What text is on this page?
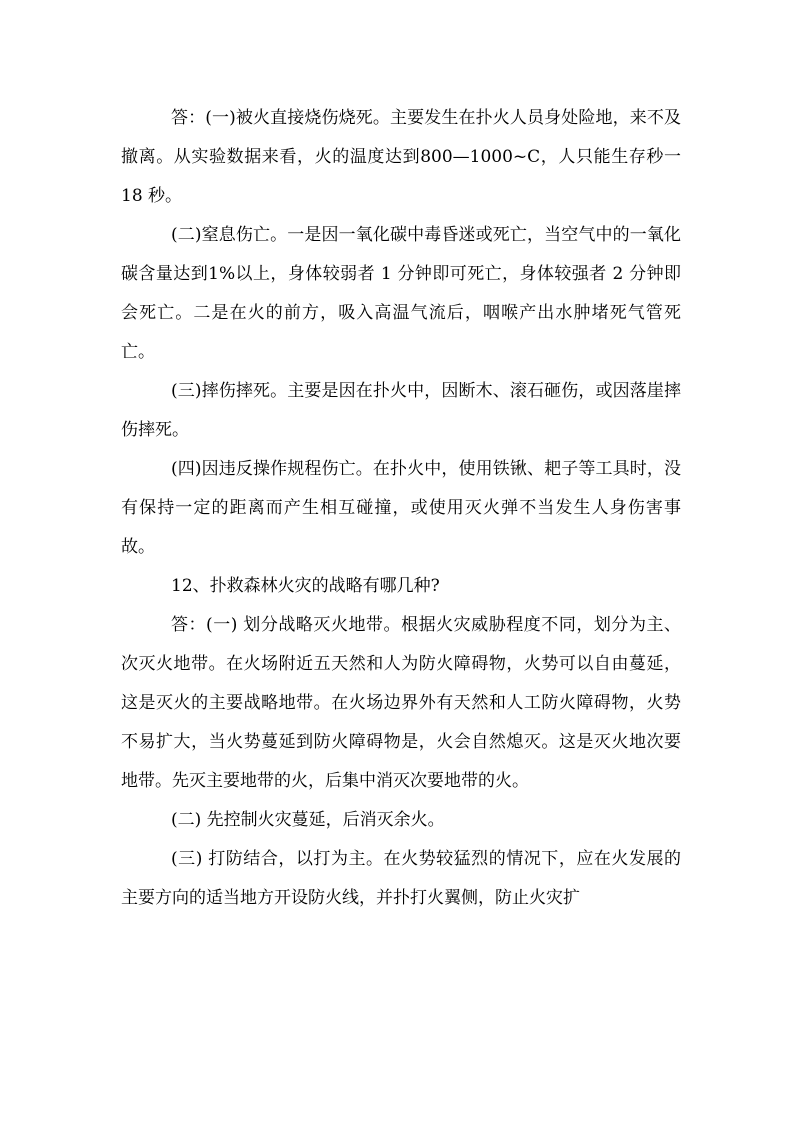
答：(一)被火直接烧伤烧死。主要发生在扑火人员身处险地，来不及撤离。从实验数据来看，火的温度达到800—1000~C，人只能生存秒一18 秒。

(二)窒息伤亡。一是因一氧化碳中毒昏迷或死亡，当空气中的一氧化碳含量达到1%以上，身体较弱者 1 分钟即可死亡，身体较强者 2 分钟即会死亡。二是在火的前方，吸入高温气流后，咽喉产出水肿堵死气管死亡。

(三)摔伤摔死。主要是因在扑火中，因断木、滚石砸伤，或因落崖摔伤摔死。

(四)因违反操作规程伤亡。在扑火中，使用铁锹、耙子等工具时，没有保持一定的距离而产生相互碰撞，或使用灭火弹不当发生人身伤害事故。

12、扑救森林火灾的战略有哪几种?

答：(一) 划分战略灭火地带。根据火灾威胁程度不同，划分为主、次灭火地带。在火场附近五天然和人为防火障碍物，火势可以自由蔓延，这是灭火的主要战略地带。在火场边界外有天然和人工防火障碍物，火势不易扩大，当火势蔓延到防火障碍物是，火会自然熄灭。这是灭火地次要地带。先灭主要地带的火，后集中消灭次要地带的火。

(二) 先控制火灾蔓延，后消灭余火。

(三) 打防结合，以打为主。在火势较猛烈的情况下，应在火发展的主要方向的适当地方开设防火线，并扑打火翼侧，防止火灾扩
